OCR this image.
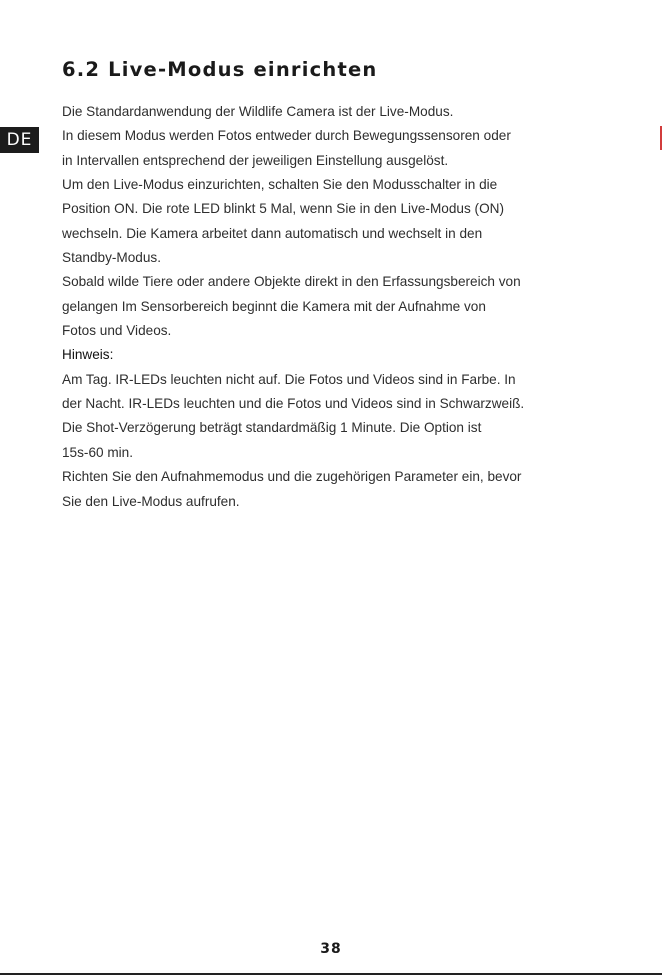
6.2 Live-Modus einrichten
DE
Die Standardanwendung der Wildlife Camera ist der Live-Modus.
In diesem Modus werden Fotos entweder durch Bewegungssensoren oder
in Intervallen entsprechend der jeweiligen Einstellung ausgelöst.
Um den Live-Modus einzurichten, schalten Sie den Modusschalter in die
Position ON. Die rote LED blinkt 5 Mal, wenn Sie in den Live-Modus (ON)
wechseln. Die Kamera arbeitet dann automatisch und wechselt in den
Standby-Modus.
Sobald wilde Tiere oder andere Objekte direkt in den Erfassungsbereich von
gelangen Im Sensorbereich beginnt die Kamera mit der Aufnahme von
Fotos und Videos.
Hinweis:
Am Tag. IR-LEDs leuchten nicht auf. Die Fotos und Videos sind in Farbe. In
der Nacht. IR-LEDs leuchten und die Fotos und Videos sind in Schwarzweiß.
Die Shot-Verzögerung beträgt standardmäßig 1 Minute. Die Option ist
15s-60 min.
Richten Sie den Aufnahmemodus und die zugehörigen Parameter ein, bevor
Sie den Live-Modus aufrufen.
38
